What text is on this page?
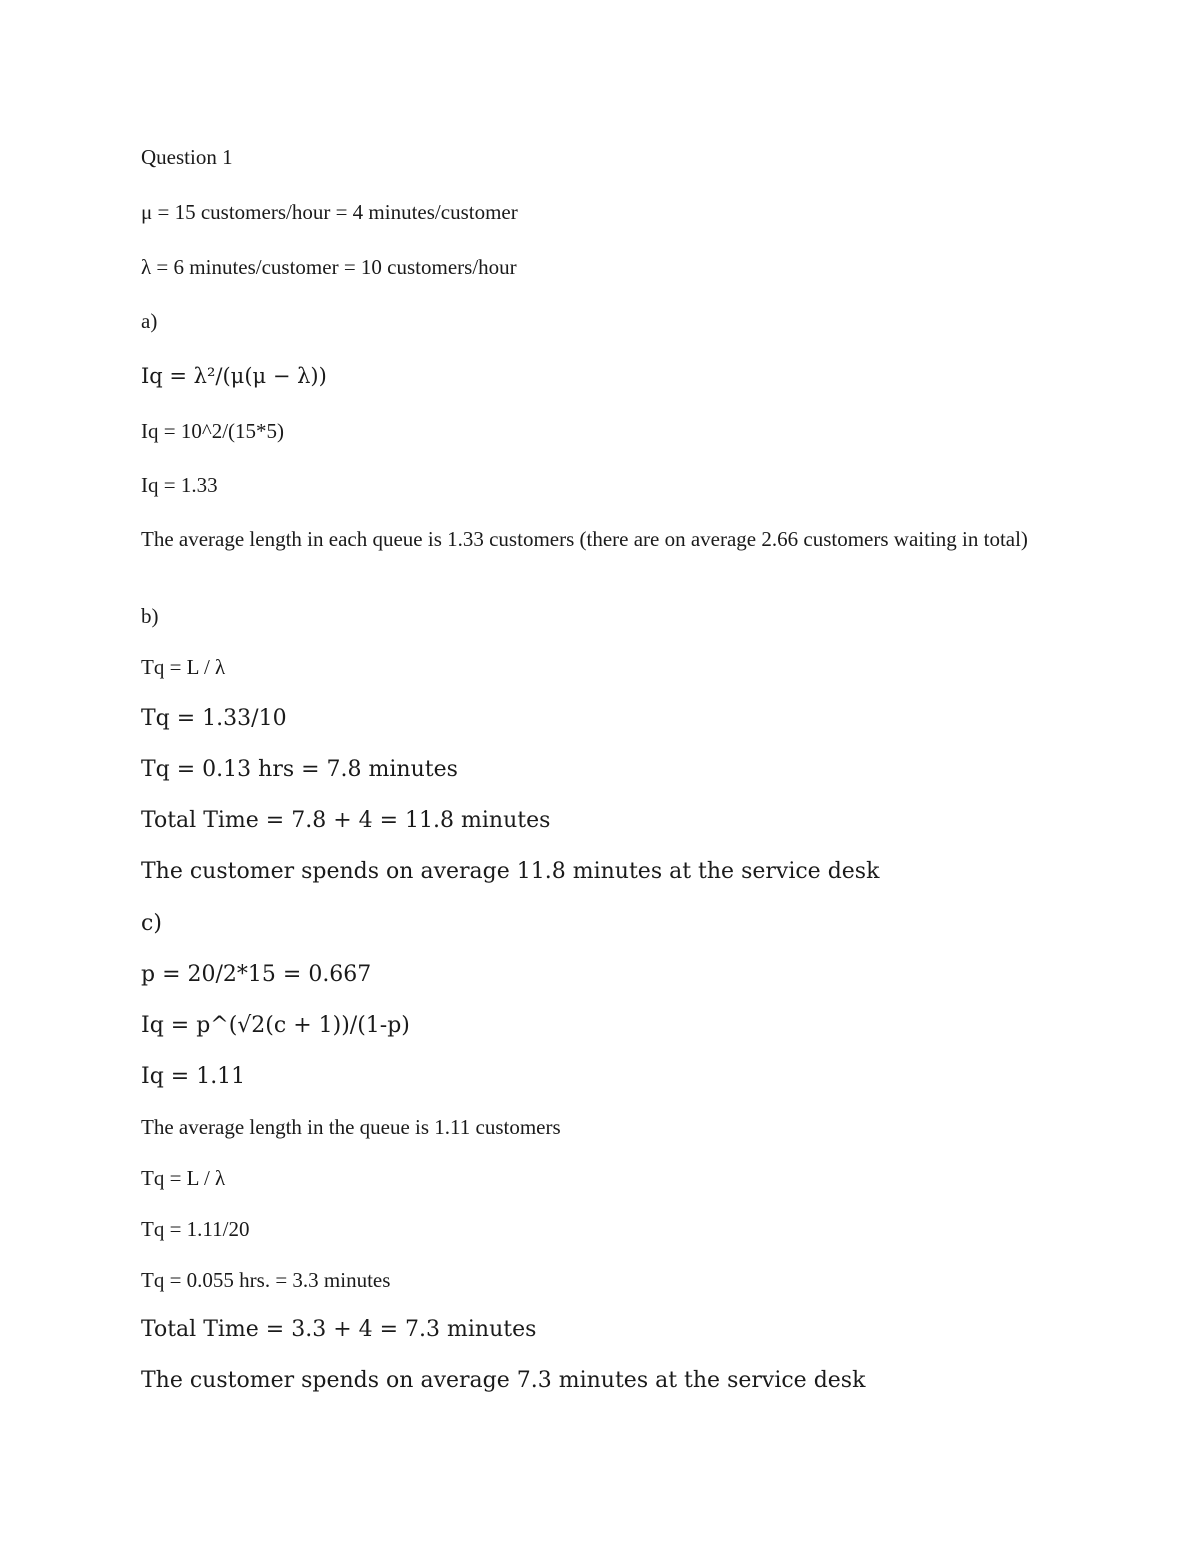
Question 1

μ = 15 customers/hour = 4 minutes/customer

λ = 6 minutes/customer = 10 customers/hour

a)

Iq = λ²/(μ(μ − λ))

Iq = 10^2/(15*5)

Iq = 1.33

The average length in each queue is 1.33 customers (there are on average 2.66 customers waiting in total)

b)

Tq = L / λ

Tq = 1.33/10

Tq = 0.13 hrs = 7.8 minutes

Total Time = 7.8 + 4 = 11.8 minutes

The customer spends on average 11.8 minutes at the service desk

c)

p = 20/2*15 = 0.667

Iq = p^(√2(c + 1))/(1-p)

Iq = 1.11

The average length in the queue is 1.11 customers

Tq = L / λ

Tq = 1.11/20

Tq = 0.055 hrs. = 3.3 minutes

Total Time = 3.3 + 4 = 7.3 minutes

The customer spends on average 7.3 minutes at the service desk
